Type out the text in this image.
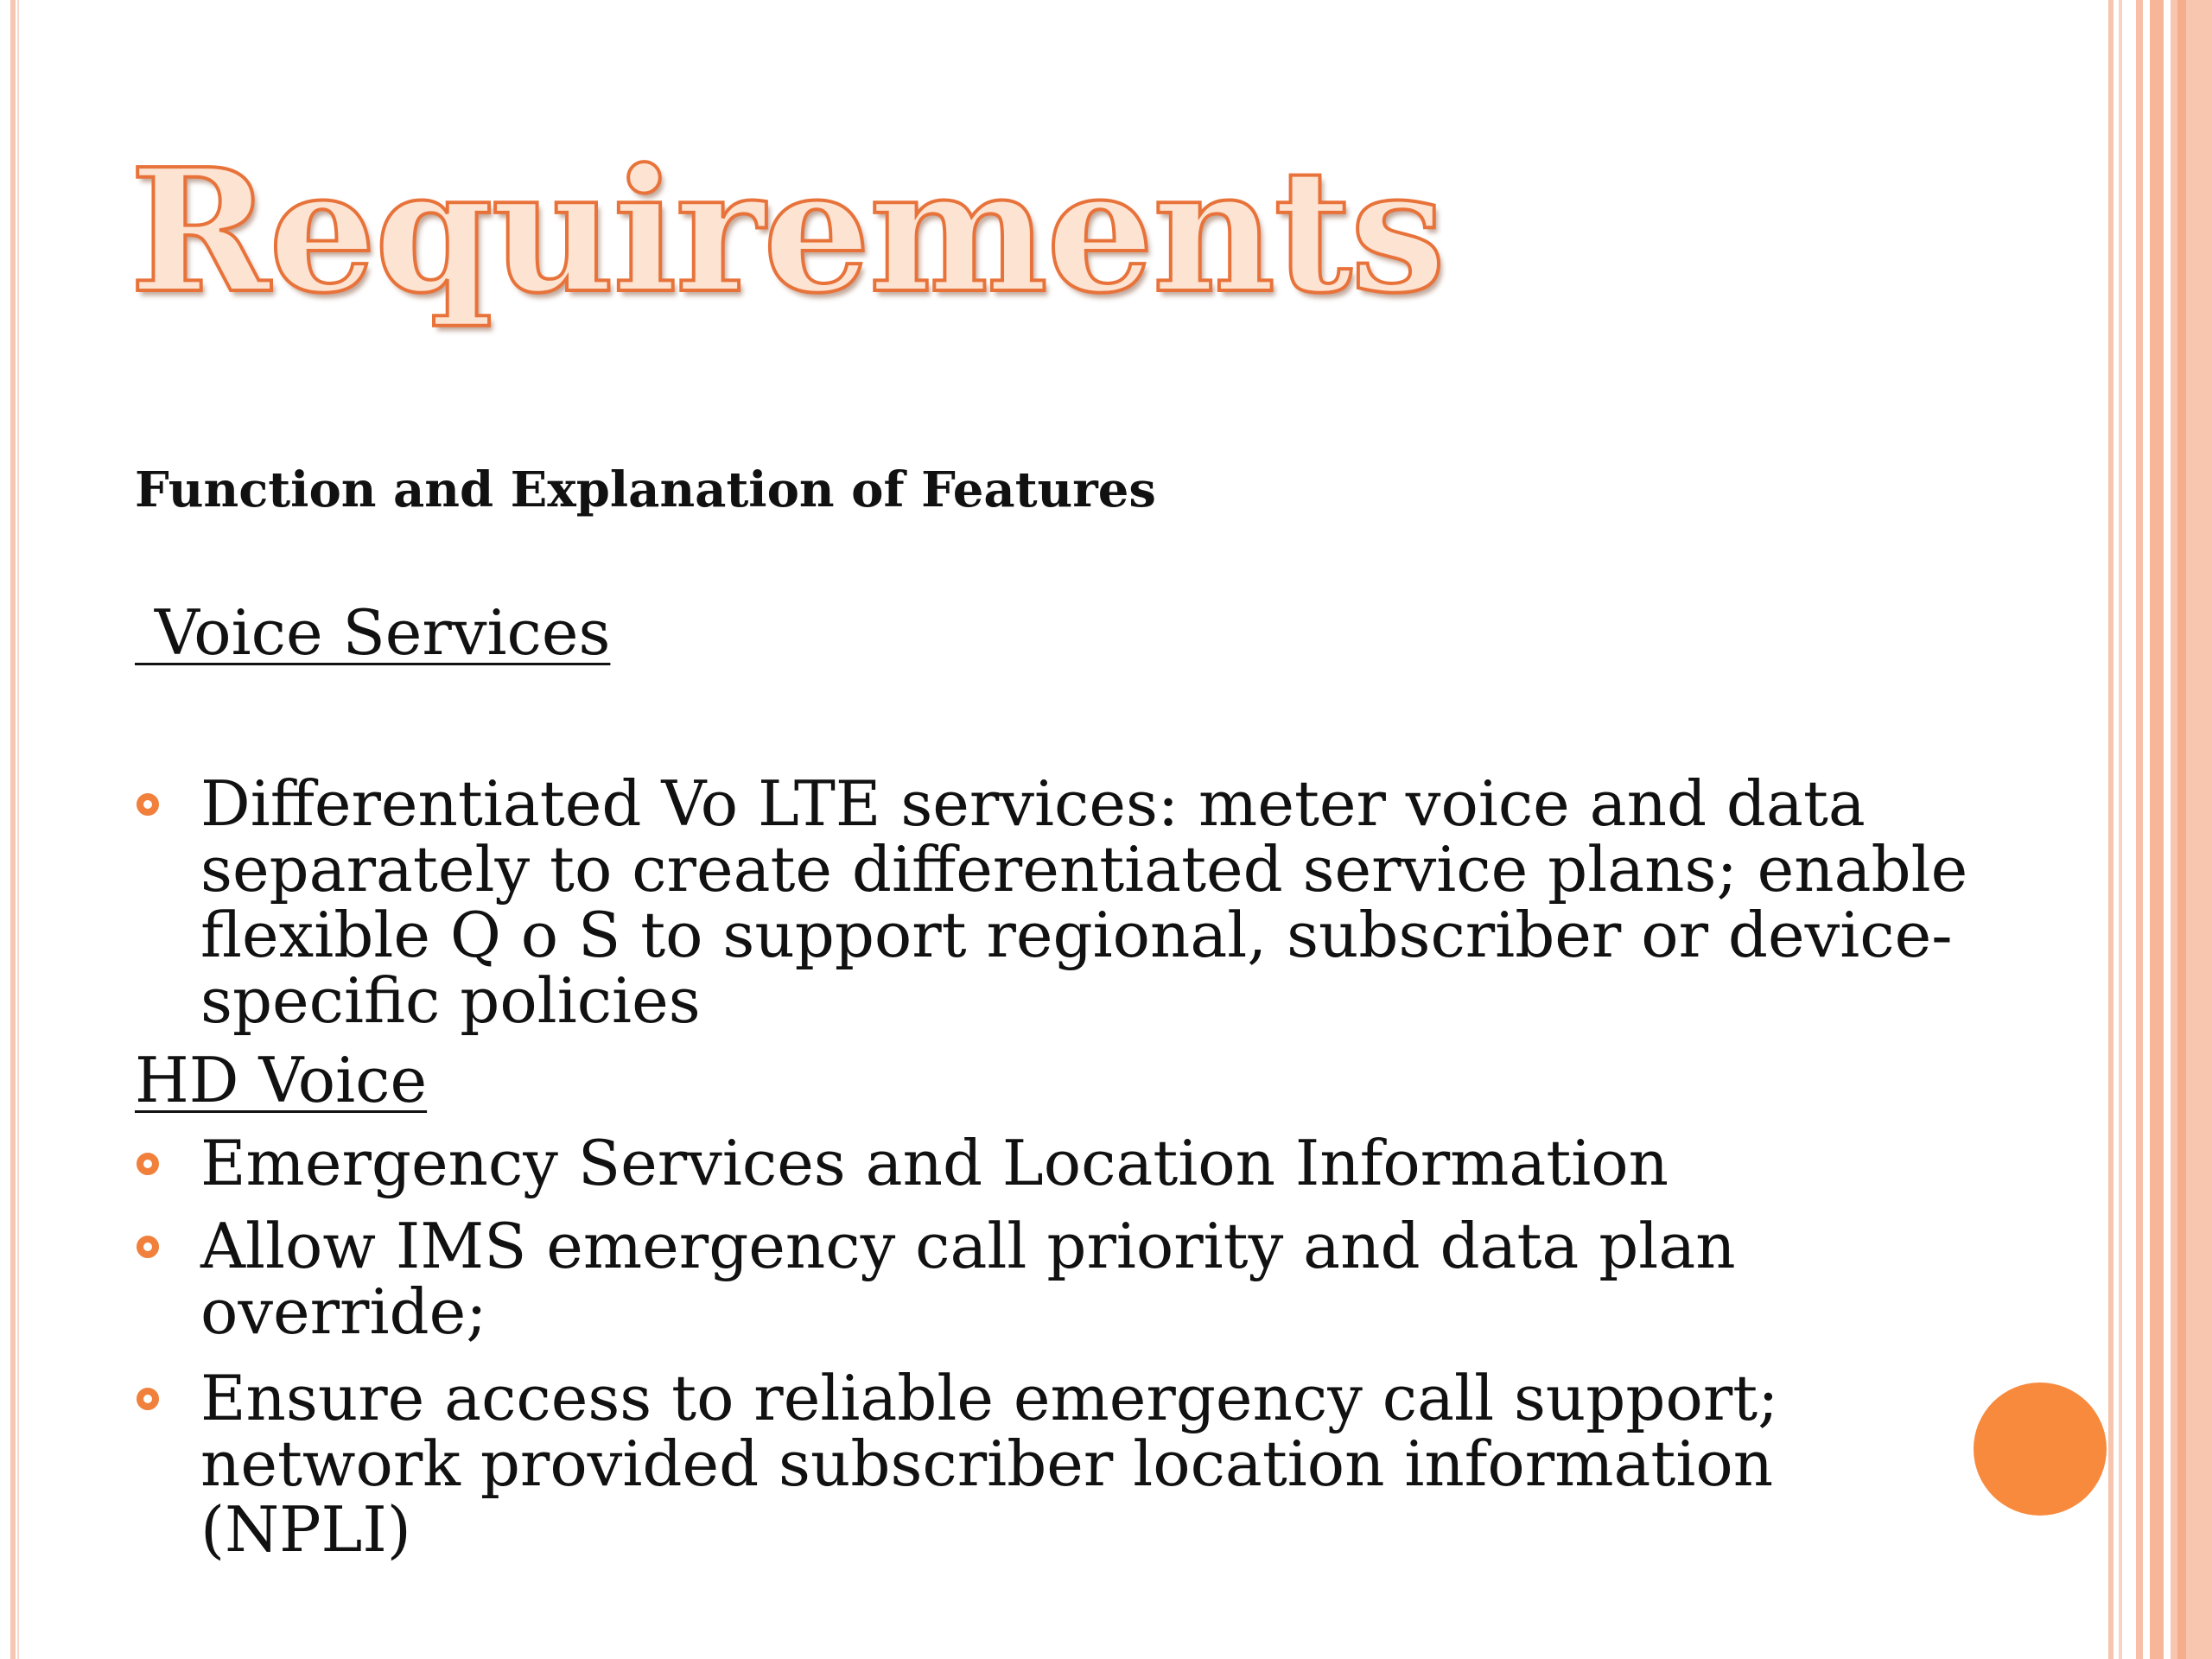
Requirements
Function and Explanation of Features
Voice Services
Differentiated Vo LTE services: meter voice and data separately to create differentiated service plans; enable flexible Q o S to support regional, subscriber or device-specific policies
HD Voice
Emergency Services and Location Information
Allow IMS emergency call priority and data plan override;
Ensure access to reliable emergency call support; network provided subscriber location information (NPLI)
